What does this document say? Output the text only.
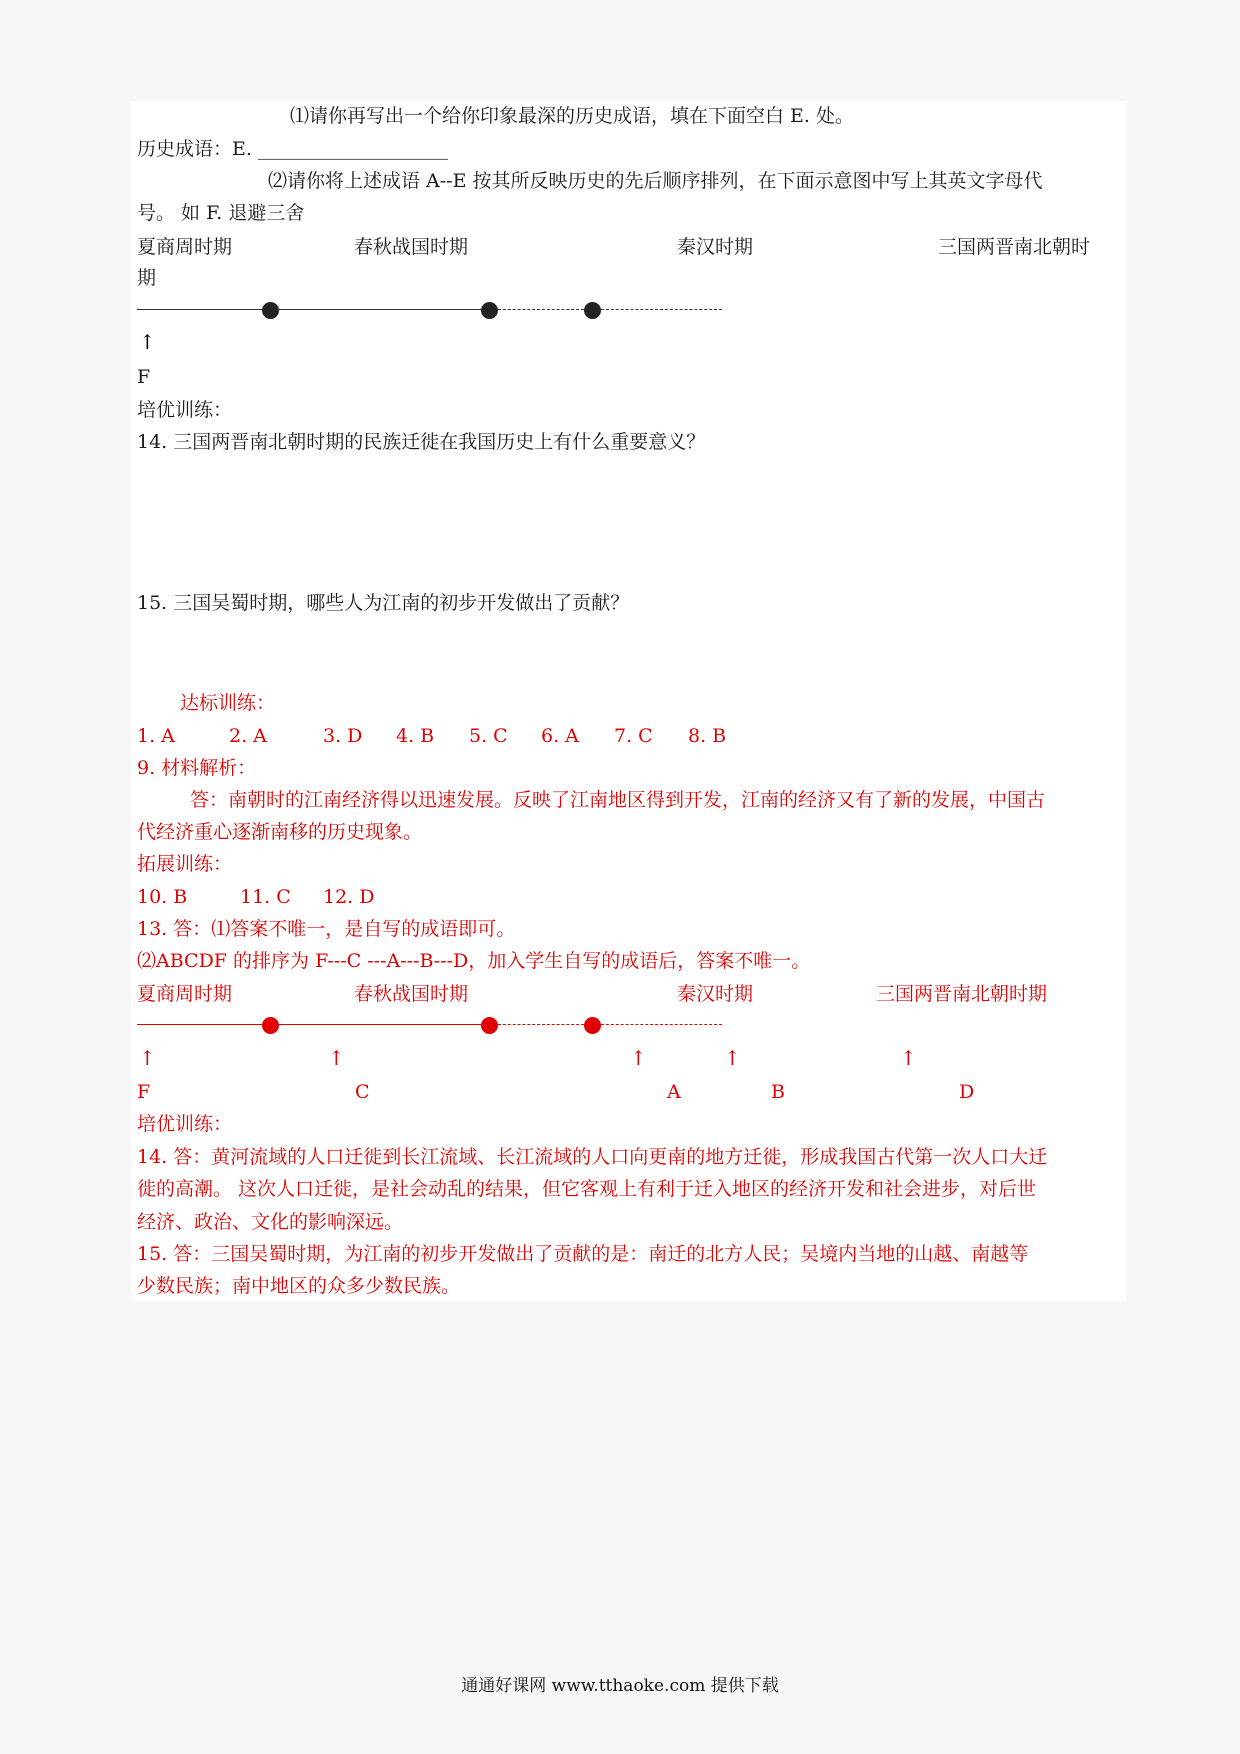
⑴请你再写出一个给你印象最深的历史成语，填在下面空白 E. 处。
历史成语：E. ____________________
⑵请你将上述成语 A--E 按其所反映历史的先后顺序排列，在下面示意图中写上其英文字母代
号。 如 F. 退避三舍
夏商周时期	春秋战国时期	秦汉时期	三国两晋南北朝时
期
↑
F
培优训练：
14. 三国两晋南北朝时期的民族迁徙在我国历史上有什么重要意义？
15. 三国吴蜀时期，哪些人为江南的初步开发做出了贡献？
达标训练：
1. A	2. A	3. D 4. B 5. C 6. A 7. C 8. B
9. 材料解析：
答：南朝时的江南经济得以迅速发展。反映了江南地区得到开发，江南的经济又有了新的发展，中国古
代经济重心逐渐南移的历史现象。
拓展训练：
10. B	11. C 12. D
13. 答：⑴答案不唯一，是自写的成语即可。
⑵ABCDF 的排序为 F---C ---A---B---D，加入学生自写的成语后，答案不唯一。
夏商周时期	春秋战国时期	秦汉时期	三国两晋南北朝时期
↑	↑	↑	↑	↑
F	C	A	B	D
培优训练：
14. 答：黄河流域的人口迁徙到长江流域、长江流域的人口向更南的地方迁徙，形成我国古代第一次人口大迁
徙的高潮。 这次人口迁徙，是社会动乱的结果，但它客观上有利于迁入地区的经济开发和社会进步，对后世
经济、政治、文化的影响深远。
15. 答：三国吴蜀时期，为江南的初步开发做出了贡献的是：南迁的北方人民；吴境内当地的山越、南越等
少数民族；南中地区的众多少数民族。
通通好课网 www.tthaoke.com 提供下载
